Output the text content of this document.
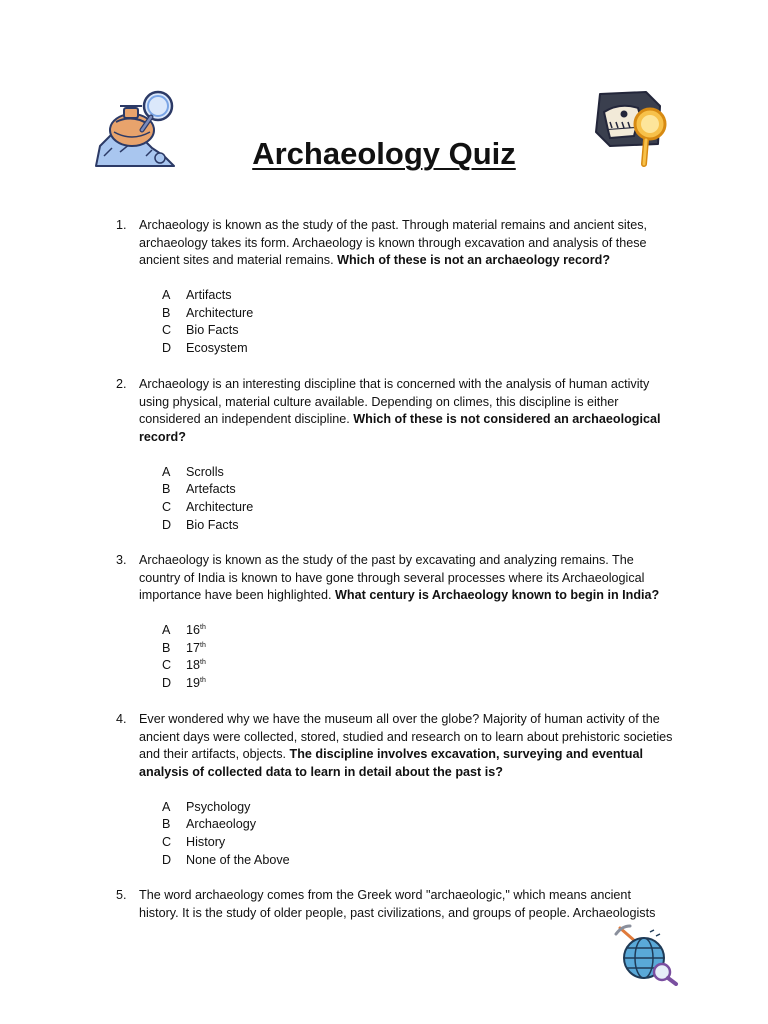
Archaeology Quiz
1. Archaeology is known as the study of the past. Through material remains and ancient sites, archaeology takes its form. Archaeology is known through excavation and analysis of these ancient sites and material remains. Which of these is not an archaeology record?
A Artifacts
B Architecture
C Bio Facts
D Ecosystem
2. Archaeology is an interesting discipline that is concerned with the analysis of human activity using physical, material culture available. Depending on climes, this discipline is either considered an independent discipline. Which of these is not considered an archaeological record?
A Scrolls
B Artefacts
C Architecture
D Bio Facts
3. Archaeology is known as the study of the past by excavating and analyzing remains. The country of India is known to have gone through several processes where its Archaeological importance have been highlighted. What century is Archaeology known to begin in India?
A 16th
B 17th
C 18th
D 19th
4. Ever wondered why we have the museum all over the globe? Majority of human activity of the ancient days were collected, stored, studied and research on to learn about prehistoric societies and their artifacts, objects. The discipline involves excavation, surveying and eventual analysis of collected data to learn in detail about the past is?
A Psychology
B Archaeology
C History
D None of the Above
5. The word archaeology comes from the Greek word "archaeologic," which means ancient history. It is the study of older people, past civilizations, and groups of people. Archaeologists
